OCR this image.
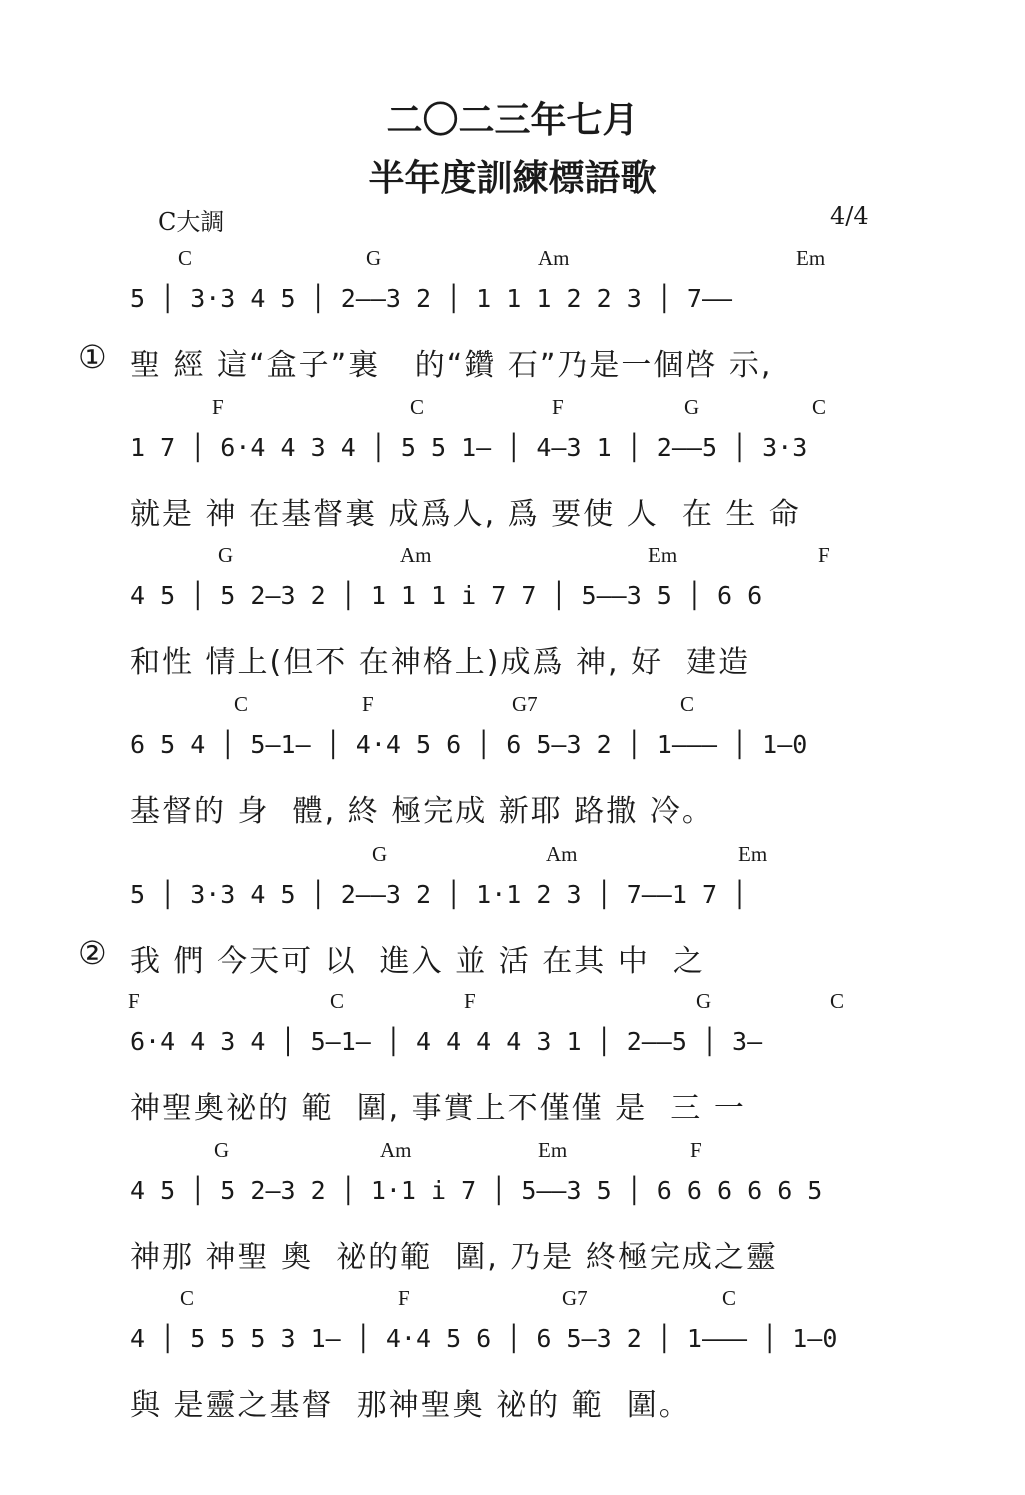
二〇二三年七月
半年度訓練標語歌
C大調	4/4
C	G	Am	Em
5 │ 3·3 4 5 │ 2——3 2 │ 1 1 1 2 2 3 │ 7——
① 聖 經 這“盒子”裏   的“鑽 石”乃是一個啓 示,
F	C	F	G	C
1 7 │ 6·4 4 3 4 │ 5 5 1— │ 4—3 1 │ 2——5 │ 3·3
就是 神 在基督裏 成爲人, 爲 要使 人  在 生 命
G	Am	Em	F
4 5 │ 5 2—3 2 │ 1 1 1 i 7 7 │ 5——3 5 │ 6 6
和性 情上(但不 在神格上)成爲 神, 好  建造
C	F	G7	C
6 5 4 │ 5—1— │ 4·4 5 6 │ 6 5—3 2 │ 1——— │ 1—0
基督的 身  體, 終 極完成 新耶 路撒 冷。
G	Am	Em
5 │ 3·3 4 5 │ 2——3 2 │ 1·1 2 3 │ 7——1 7 │
② 我 們 今天可 以  進入 並 活 在其 中  之
F	C	F	G	C
6·4 4 3 4 │ 5—1— │ 4 4 4 4 3 1 │ 2——5 │ 3—
神聖奧祕的 範  圍, 事實上不僅僅 是  三 一
G	Am	Em	F
4 5 │ 5 2—3 2 │ 1·1 i 7 │ 5——3 5 │ 6 6 6 6 6 5
神那 神聖 奧  祕的範  圍, 乃是 終極完成之靈
C	F	G7	C
4 │ 5 5 5 3 1— │ 4·4 5 6 │ 6 5—3 2 │ 1——— │ 1—0
與 是靈之基督  那神聖奧 祕的 範  圍。
